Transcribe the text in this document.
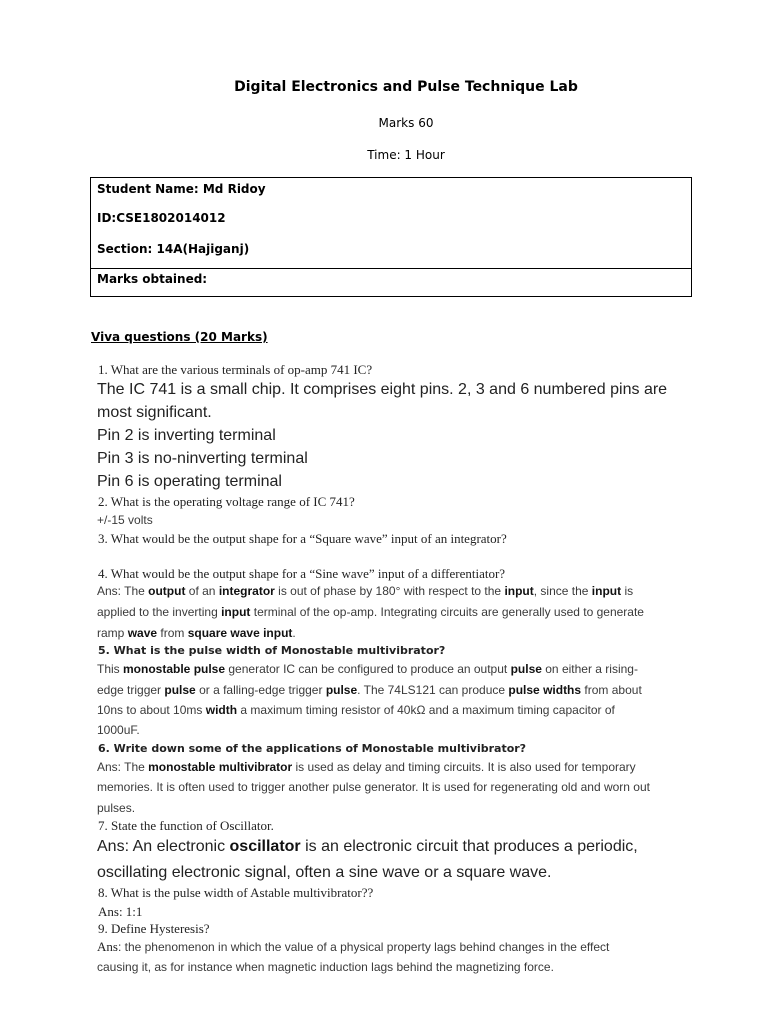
Digital Electronics and Pulse Technique Lab
Marks 60
Time: 1 Hour
Student Name: Md Ridoy
ID:CSE1802014012
Section: 14A(Hajiganj)
Marks obtained:
Viva questions (20 Marks)
1. What are the various terminals of op-amp 741 IC?
The IC 741 is a small chip. It comprises eight pins. 2, 3 and 6 numbered pins are
most significant.
Pin 2 is inverting terminal
Pin 3 is no-ninverting terminal
Pin 6 is operating terminal
2. What is the operating voltage range of IC 741?
+/-15 volts
3. What would be the output shape for a “Square wave” input of an integrator?
4. What would be the output shape for a “Sine wave” input of a differentiator?
Ans: The output of an integrator is out of phase by 180° with respect to the input, since the input is
applied to the inverting input terminal of the op-amp. Integrating circuits are generally used to generate
ramp wave from square wave input.
5. What is the pulse width of Monostable multivibrator?
This monostable pulse generator IC can be configured to produce an output pulse on either a rising-
edge trigger pulse or a falling-edge trigger pulse. The 74LS121 can produce pulse widths from about
10ns to about 10ms width a maximum timing resistor of 40kΩ and a maximum timing capacitor of
1000uF.
6. Write down some of the applications of Monostable multivibrator?
Ans: The monostable multivibrator is used as delay and timing circuits. It is also used for temporary
memories. It is often used to trigger another pulse generator. It is used for regenerating old and worn out
pulses.
7. State the function of Oscillator.
Ans: An electronic oscillator is an electronic circuit that produces a periodic,
oscillating electronic signal, often a sine wave or a square wave.
8. What is the pulse width of Astable multivibrator??
Ans: 1:1
9. Define Hysteresis?
Ans: the phenomenon in which the value of a physical property lags behind changes in the effect
causing it, as for instance when magnetic induction lags behind the magnetizing force.
